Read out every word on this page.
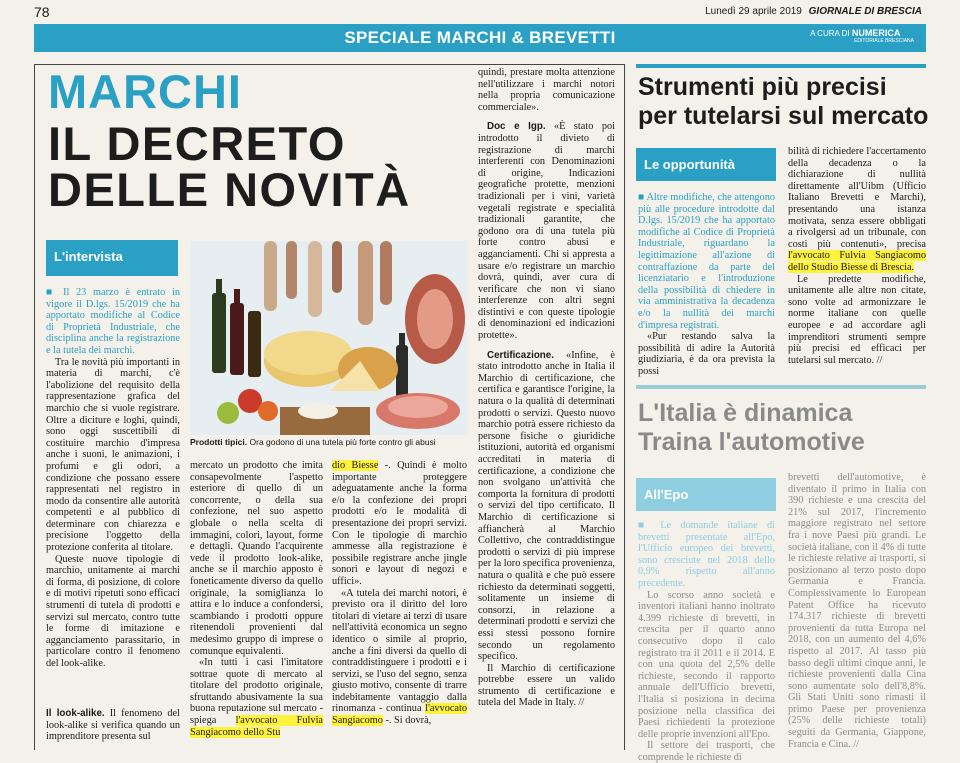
78	Lunedì 29 aprile 2019 GIORNALE DI BRESCIA
SPECIALE MARCHI & BREVETTI	A CURA DI NUMERICA
EDITORIALE BRESCIANA
MARCHI
IL DECRETO
DELLE NOVITÀ
L'intervista
Prodotti tipici. Ora godono di una tutela più forte contro gli abusi

■ Il 23 marzo è entrato in vigore il D.lgs. 15/2019 che ha apportato modifiche al Codice di Proprietà Industriale, che disciplina anche la registrazione e la tutela dei marchi.

Tra le novità più importanti in materia di marchi, c'è l'abolizione del requisito della rappresentazione grafica del marchio che si vuole registrare. Oltre a diciture e loghi, quindi, sono oggi suscettibili di costituire marchio d'impresa anche i suoni, le animazioni, i profumi e gli odori, a condizione che possano essere rappresentati nel registro in modo da consentire alle autorità competenti e al pubblico di determinare con chiarezza e precisione l'oggetto della protezione conferita al titolare.

Queste nuove tipologie di marchio, unitamente ai marchi di forma, di posizione, di colore e di motivi ripetuti sono efficaci strumenti di tutela di prodotti e servizi sul mercato, contro tutte le forme di imitazione e agganciamento parassitario, in particolare contro il fenomeno del look-alike.

Il look-alike. Il fenomeno del look-alike si verifica quando un imprenditore presenta sul

mercato un prodotto che imita consapevolmente l'aspetto esteriore di quello di un concorrente, o della sua confezione, nel suo aspetto globale o nella scelta di immagini, colori, layout, forme e dettagli. Quando l'acquirente vede il prodotto look-alike, anche se il marchio apposto è foneticamente diverso da quello originale, la somiglianza lo attira e lo induce a confondersi, scambiando i prodotti oppure ritenendoli provenienti dal medesimo gruppo di imprese o comunque equivalenti.

«In tutti i casi l'imitatore sottrae quote di mercato al titolare del prodotto originale, sfruttando abusivamente la sua buona reputazione sul mercato - spiega l'avvocato Fulvia Sangiacomo dello Stu

dio Biesse -. Quindi è molto importante proteggere adeguatamente anche la forma e/o la confezione dei propri prodotti e/o le modalità di presentazione dei propri servizi. Con le tipologie di marchio ammesse alla registrazione è possibile registrare anche jingle sonori e layout di negozi e uffici».

«A tutela dei marchi notori, è previsto ora il diritto del loro titolari di vietare ai terzi di usare nell'attività economica un segno identico o simile al proprio, anche a fini diversi da quello di contraddistinguere i prodotti e i servizi, se l'uso del segno, senza giusto motivo, consente di trarre indebitamente vantaggio dalla rinomanza - continua l'avvocato Sangiacomo -. Si dovrà,

quindi, prestare molta attenzione nell'utilizzare i marchi notori nella propria comunicazione commerciale».

Doc e Igp. «È stato poi introdotto il divieto di registrazione di marchi interferenti con Denominazioni di origine, Indicazioni geografiche protette, menzioni tradizionali per i vini, varietà vegetali registrate e specialità tradizionali garantite, che godono ora di una tutela più forte contro abusi e agganciamenti. Chi si appresta a usare e/o registrare un marchio dovrà, quindi, aver cura di verificare che non vi siano interferenze con altri segni distintivi e con queste tipologie di denominazioni ed indicazioni protette».

Certificazione. «Infine, è stato introdotto anche in Italia il Marchio di certificazione, che certifica e garantisce l'origine, la natura o la qualità di determinati prodotti o servizi. Questo nuovo marchio potrà essere richiesto da persone fisiche o giuridiche istituzioni, autorità ed organismi accreditati in materia di certificazione, a condizione che non svolgano un'attività che comporta la fornitura di prodotti o servizi del tipo certificato. Il Marchio di certificazione si affiancherà al Marchio Collettivo, che contraddistingue prodotti o servizi di più imprese per la loro specifica provenienza, natura o qualità e che può essere richiesto da determinati soggetti, solitamente un insieme di consorzi, in relazione a determinati prodotti e servizi che essi stessi possono fornire secondo un regolamento specifico.

Il Marchio di certificazione potrebbe essere un valido strumento di certificazione e tutela del Made in Italy. //

Strumenti più precisi per tutelarsi sul mercato
Le opportunità

■ Altre modifiche, che attengono più alle procedure introdotte dal D.lgs. 15/2019 che ha apportato modifiche al Codice di Proprietà Industriale, riguardano la legittimazione all'azione di contraffazione da parte del licenziatario e l'introduzione della possibilità di chiedere in via amministrativa la decadenza e/o la nullità dei marchi d'impresa registrati.

«Pur restando salva la possibilità di adire la Autorità giudiziaria, è da ora prevista la possi

bilità di richiedere l'accertamento della decadenza o la dichiarazione di nullità direttamente all'Uibm (Ufficio Italiano Brevetti e Marchi), presentando una istanza motivata, senza essere obbligati a rivolgersi ad un tribunale, con costi più contenuti», precisa l'avvocato Fulvia Sangiacomo dello Studio Biesse di Brescia.

Le predette modifiche, unitamente alle altre non citate, sono volte ad armonizzare le norme italiane con quelle europee e ad accordare agli imprenditori strumenti sempre più precisi ed efficaci per tutelarsi sul mercato. //

L'Italia è dinamica Traina l'automotive
All'Epo

■ Le domande italiane di brevetti presentate all'Epo, l'Ufficio europeo dei brevetti, sono cresciute nel 2018 dello 0,9% rispetto all'anno precedente.

Lo scorso anno società e inventori italiani hanno inoltrato 4.399 richieste di brevetti, in crescita per il quarto anno consecutivo dopo il calo registrato tra il 2011 e il 2014. E con una quota del 2,5% delle richieste, secondo il rapporto annuale dell'Ufficio brevetti, l'Italia si posiziona in decima posizione nella classifica dei Paesi richiedenti la protezione delle proprie invenzioni all'Epo.

Il settore dei trasporti, che comprende le richieste di

brevetti dell'automotive, è diventato il primo in Italia con 390 richieste e una crescita del 21% sul 2017, l'incremento maggiore registrato nel settore fra i nove Paesi più grandi. Le società italiane, con il 4% di tutte le richieste relative ai trasporti, si posizionano al terzo posto dopo Germania e Francia. Complessivamente lo European Patent Office ha ricevuto 174.317 richieste di brevetti provenienti da tutta Europa nel 2018, con un aumento del 4,6% rispetto al 2017. Al tasso più basso degli ultimi cinque anni, le richieste provenienti dalla Cina sono aumentate solo dell'8,8%. Gli Stati Uniti sono rimasti il primo Paese per provenienza (25% delle richieste totali) seguiti da Germania, Giappone, Francia e Cina. //
